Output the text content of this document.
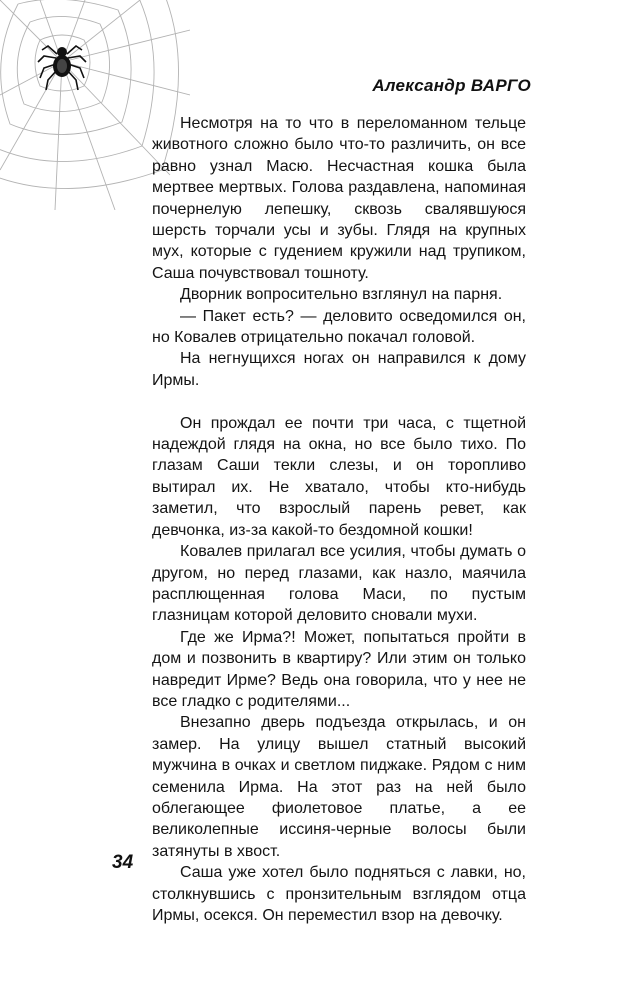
Александр ВАРГО

Несмотря на то что в переломанном тельце животного сложно было что-то различить, он все равно узнал Масю. Несчастная кошка была мертвее мертвых. Голова раздавлена, напоминая почернелую лепешку, сквозь свалявшуюся шерсть торчали усы и зубы. Глядя на крупных мух, которые с гудением кружили над трупиком, Саша почувствовал тошноту.

Дворник вопросительно взглянул на парня.

— Пакет есть? — деловито осведомился он, но Ковалев отрицательно покачал головой.

На негнущихся ногах он направился к дому Ирмы.

Он прождал ее почти три часа, с тщетной надеждой глядя на окна, но все было тихо. По глазам Саши текли слезы, и он торопливо вытирал их. Не хватало, чтобы кто-нибудь заметил, что взрослый парень ревет, как девчонка, из-за какой-то бездомной кошки!

Ковалев прилагал все усилия, чтобы думать о другом, но перед глазами, как назло, маячила расплющенная голова Маси, по пустым глазницам которой деловито сновали мухи.

Где же Ирма?! Может, попытаться пройти в дом и позвонить в квартиру? Или этим он только навредит Ирме? Ведь она говорила, что у нее не все гладко с родителями...

Внезапно дверь подъезда открылась, и он замер. На улицу вышел статный высокий мужчина в очках и светлом пиджаке. Рядом с ним семенила Ирма. На этот раз на ней было облегающее фиолетовое платье, а ее великолепные иссиня-черные волосы были затянуты в хвост.

Саша уже хотел было подняться с лавки, но, столкнувшись с пронзительным взглядом отца Ирмы, осекся. Он переместил взор на девочку.

34
